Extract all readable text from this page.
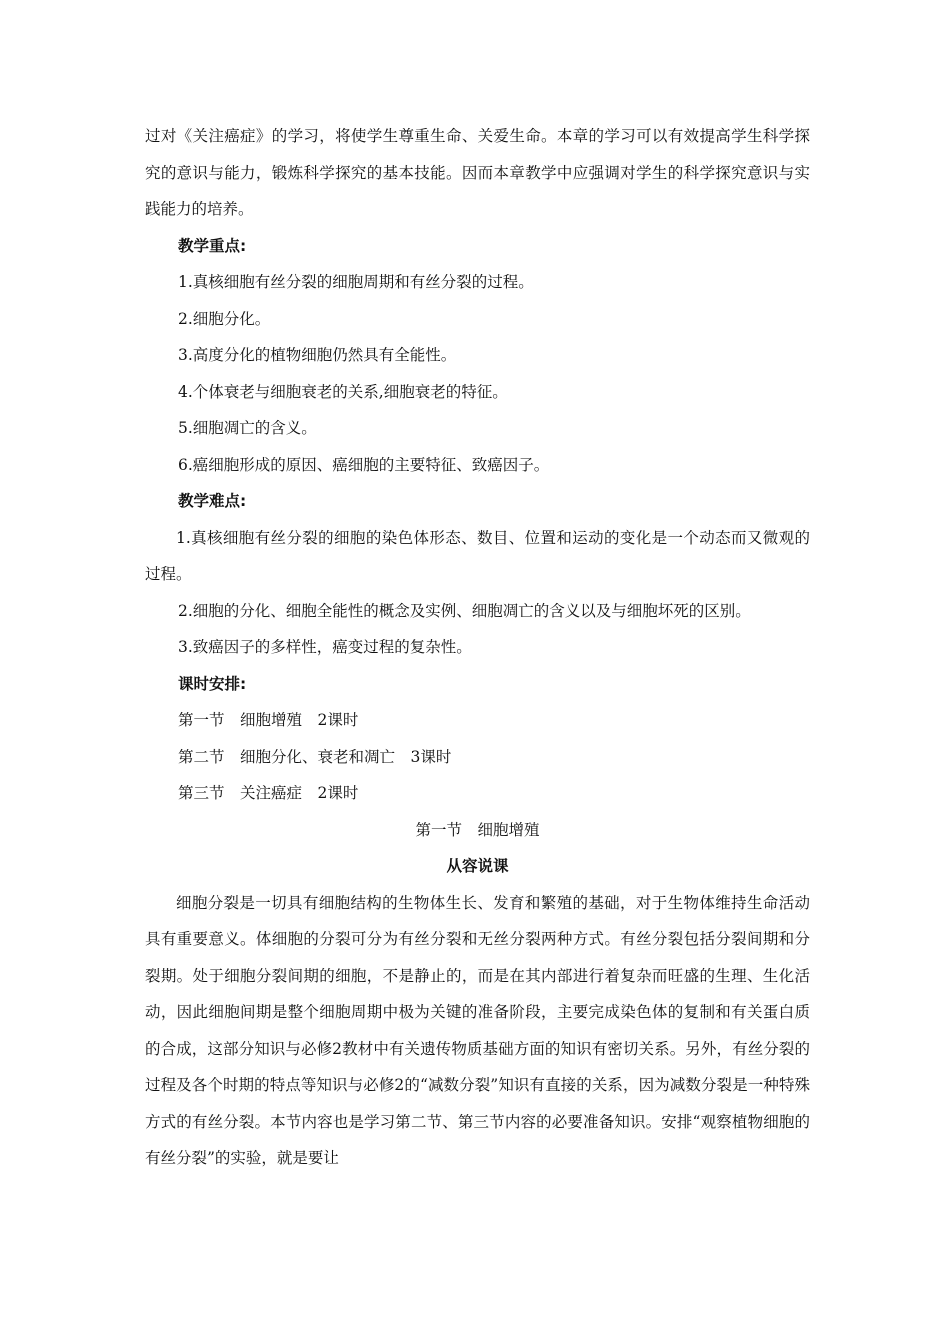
过对《关注癌症》的学习，将使学生尊重生命、关爱生命。本章的学习可以有效提高学生科学探究的意识与能力，锻炼科学探究的基本技能。因而本章教学中应强调对学生的科学探究意识与实践能力的培养。

教学重点:

1.真核细胞有丝分裂的细胞周期和有丝分裂的过程。

2.细胞分化。

3.高度分化的植物细胞仍然具有全能性。

4.个体衰老与细胞衰老的关系,细胞衰老的特征。

5.细胞凋亡的含义。

6.癌细胞形成的原因、癌细胞的主要特征、致癌因子。

教学难点:

1.真核细胞有丝分裂的细胞的染色体形态、数目、位置和运动的变化是一个动态而又微观的过程。

2.细胞的分化、细胞全能性的概念及实例、细胞凋亡的含义以及与细胞坏死的区别。

3.致癌因子的多样性，癌变过程的复杂性。

课时安排:

第一节　细胞增殖　2课时

第二节　细胞分化、衰老和凋亡　3课时

第三节　关注癌症　2课时

第一节　细胞增殖

从容说课

细胞分裂是一切具有细胞结构的生物体生长、发育和繁殖的基础，对于生物体维持生命活动具有重要意义。体细胞的分裂可分为有丝分裂和无丝分裂两种方式。有丝分裂包括分裂间期和分裂期。处于细胞分裂间期的细胞，不是静止的，而是在其内部进行着复杂而旺盛的生理、生化活动，因此细胞间期是整个细胞周期中极为关键的准备阶段，主要完成染色体的复制和有关蛋白质的合成，这部分知识与必修2教材中有关遗传物质基础方面的知识有密切关系。另外，有丝分裂的过程及各个时期的特点等知识与必修2的“减数分裂”知识有直接的关系，因为减数分裂是一种特殊方式的有丝分裂。本节内容也是学习第二节、第三节内容的必要准备知识。安排“观察植物细胞的有丝分裂”的实验，就是要让
